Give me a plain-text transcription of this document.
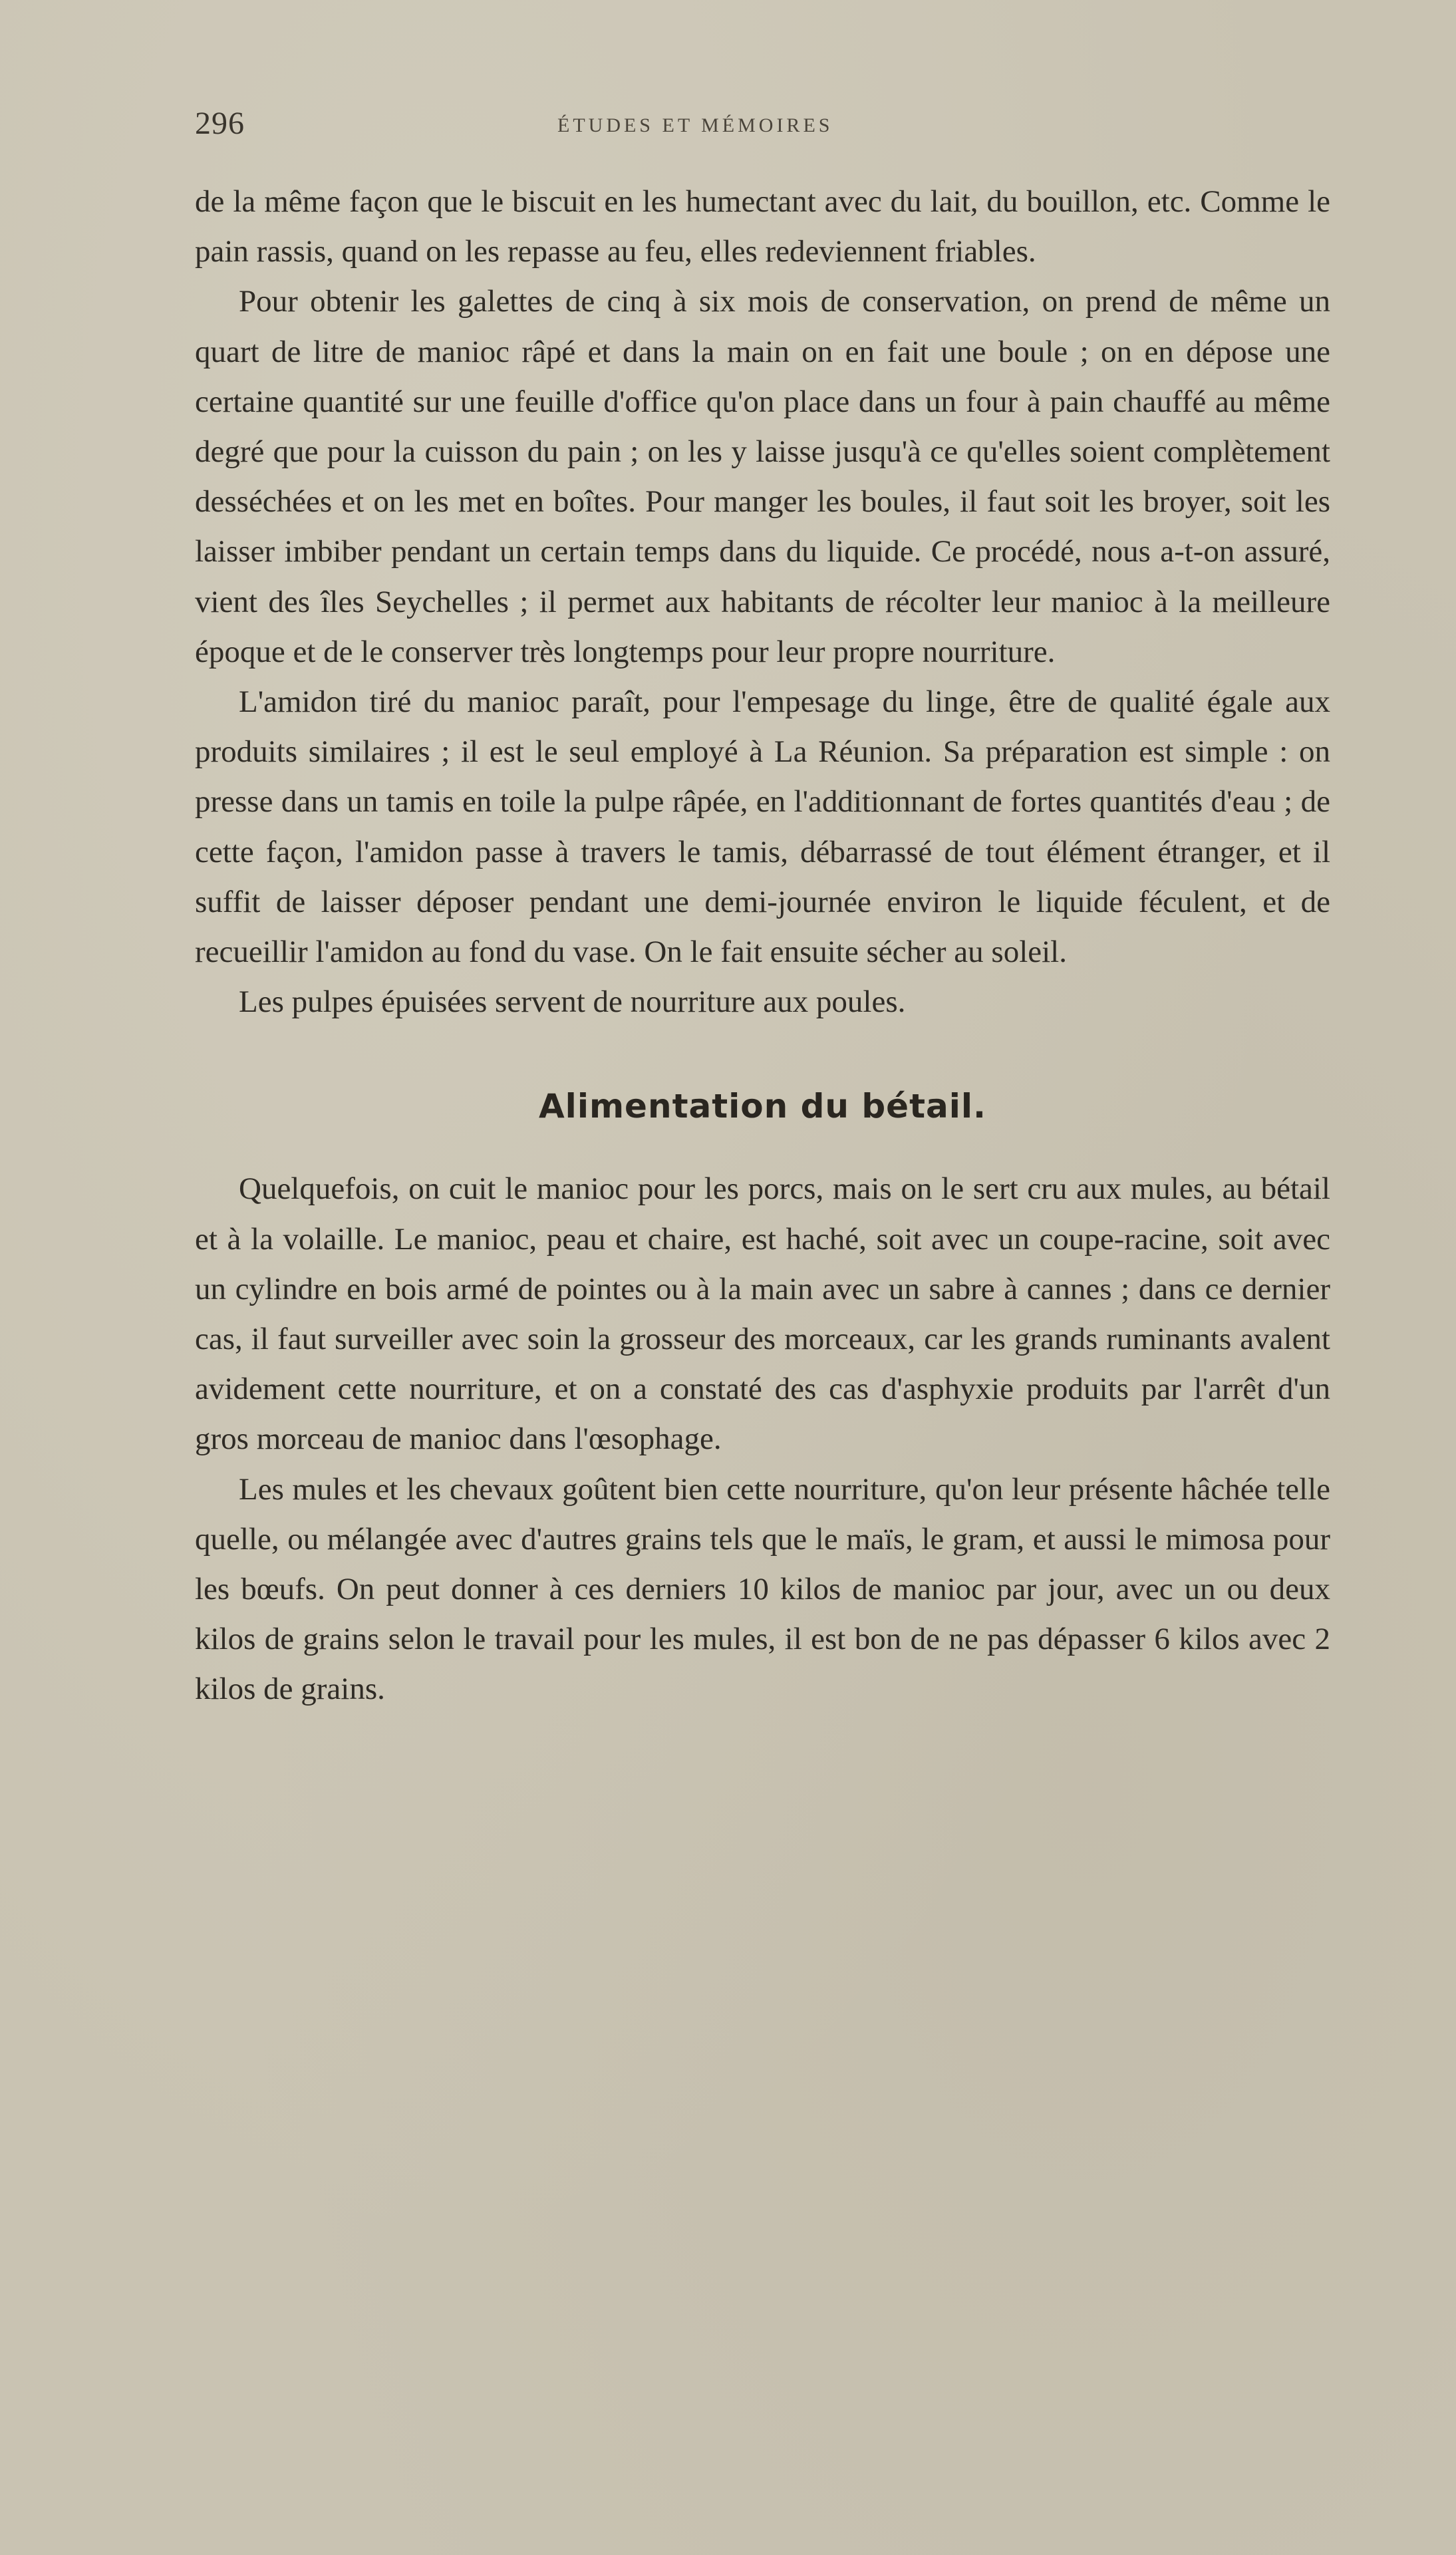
296	ÉTUDES ET MÉMOIRES

de la même façon que le biscuit en les humectant avec du lait, du bouillon, etc. Comme le pain rassis, quand on les repasse au feu, elles redeviennent friables.

Pour obtenir les galettes de cinq à six mois de conservation, on prend de même un quart de litre de manioc râpé et dans la main on en fait une boule ; on en dépose une certaine quantité sur une feuille d'office qu'on place dans un four à pain chauffé au même degré que pour la cuisson du pain ; on les y laisse jusqu'à ce qu'elles soient complètement desséchées et on les met en boîtes. Pour manger les boules, il faut soit les broyer, soit les laisser imbiber pendant un certain temps dans du liquide. Ce procédé, nous a-t-on assuré, vient des îles Seychelles ; il permet aux habitants de récolter leur manioc à la meilleure époque et de le conserver très longtemps pour leur propre nourriture.

L'amidon tiré du manioc paraît, pour l'empesage du linge, être de qualité égale aux produits similaires ; il est le seul employé à La Réunion. Sa préparation est simple : on presse dans un tamis en toile la pulpe râpée, en l'additionnant de fortes quantités d'eau ; de cette façon, l'amidon passe à travers le tamis, débarrassé de tout élément étranger, et il suffit de laisser déposer pendant une demi-journée environ le liquide féculent, et de recueillir l'amidon au fond du vase. On le fait ensuite sécher au soleil.

Les pulpes épuisées servent de nourriture aux poules.

Alimentation du bétail.

Quelquefois, on cuit le manioc pour les porcs, mais on le sert cru aux mules, au bétail et à la volaille. Le manioc, peau et chaire, est haché, soit avec un coupe-racine, soit avec un cylindre en bois armé de pointes ou à la main avec un sabre à cannes ; dans ce dernier cas, il faut surveiller avec soin la grosseur des morceaux, car les grands ruminants avalent avidement cette nourriture, et on a constaté des cas d'asphyxie produits par l'arrêt d'un gros morceau de manioc dans l'œsophage.

Les mules et les chevaux goûtent bien cette nourriture, qu'on leur présente hâchée telle quelle, ou mélangée avec d'autres grains tels que le maïs, le gram, et aussi le mimosa pour les bœufs. On peut donner à ces derniers 10 kilos de manioc par jour, avec un ou deux kilos de grains selon le travail pour les mules, il est bon de ne pas dépasser 6 kilos avec 2 kilos de grains.
